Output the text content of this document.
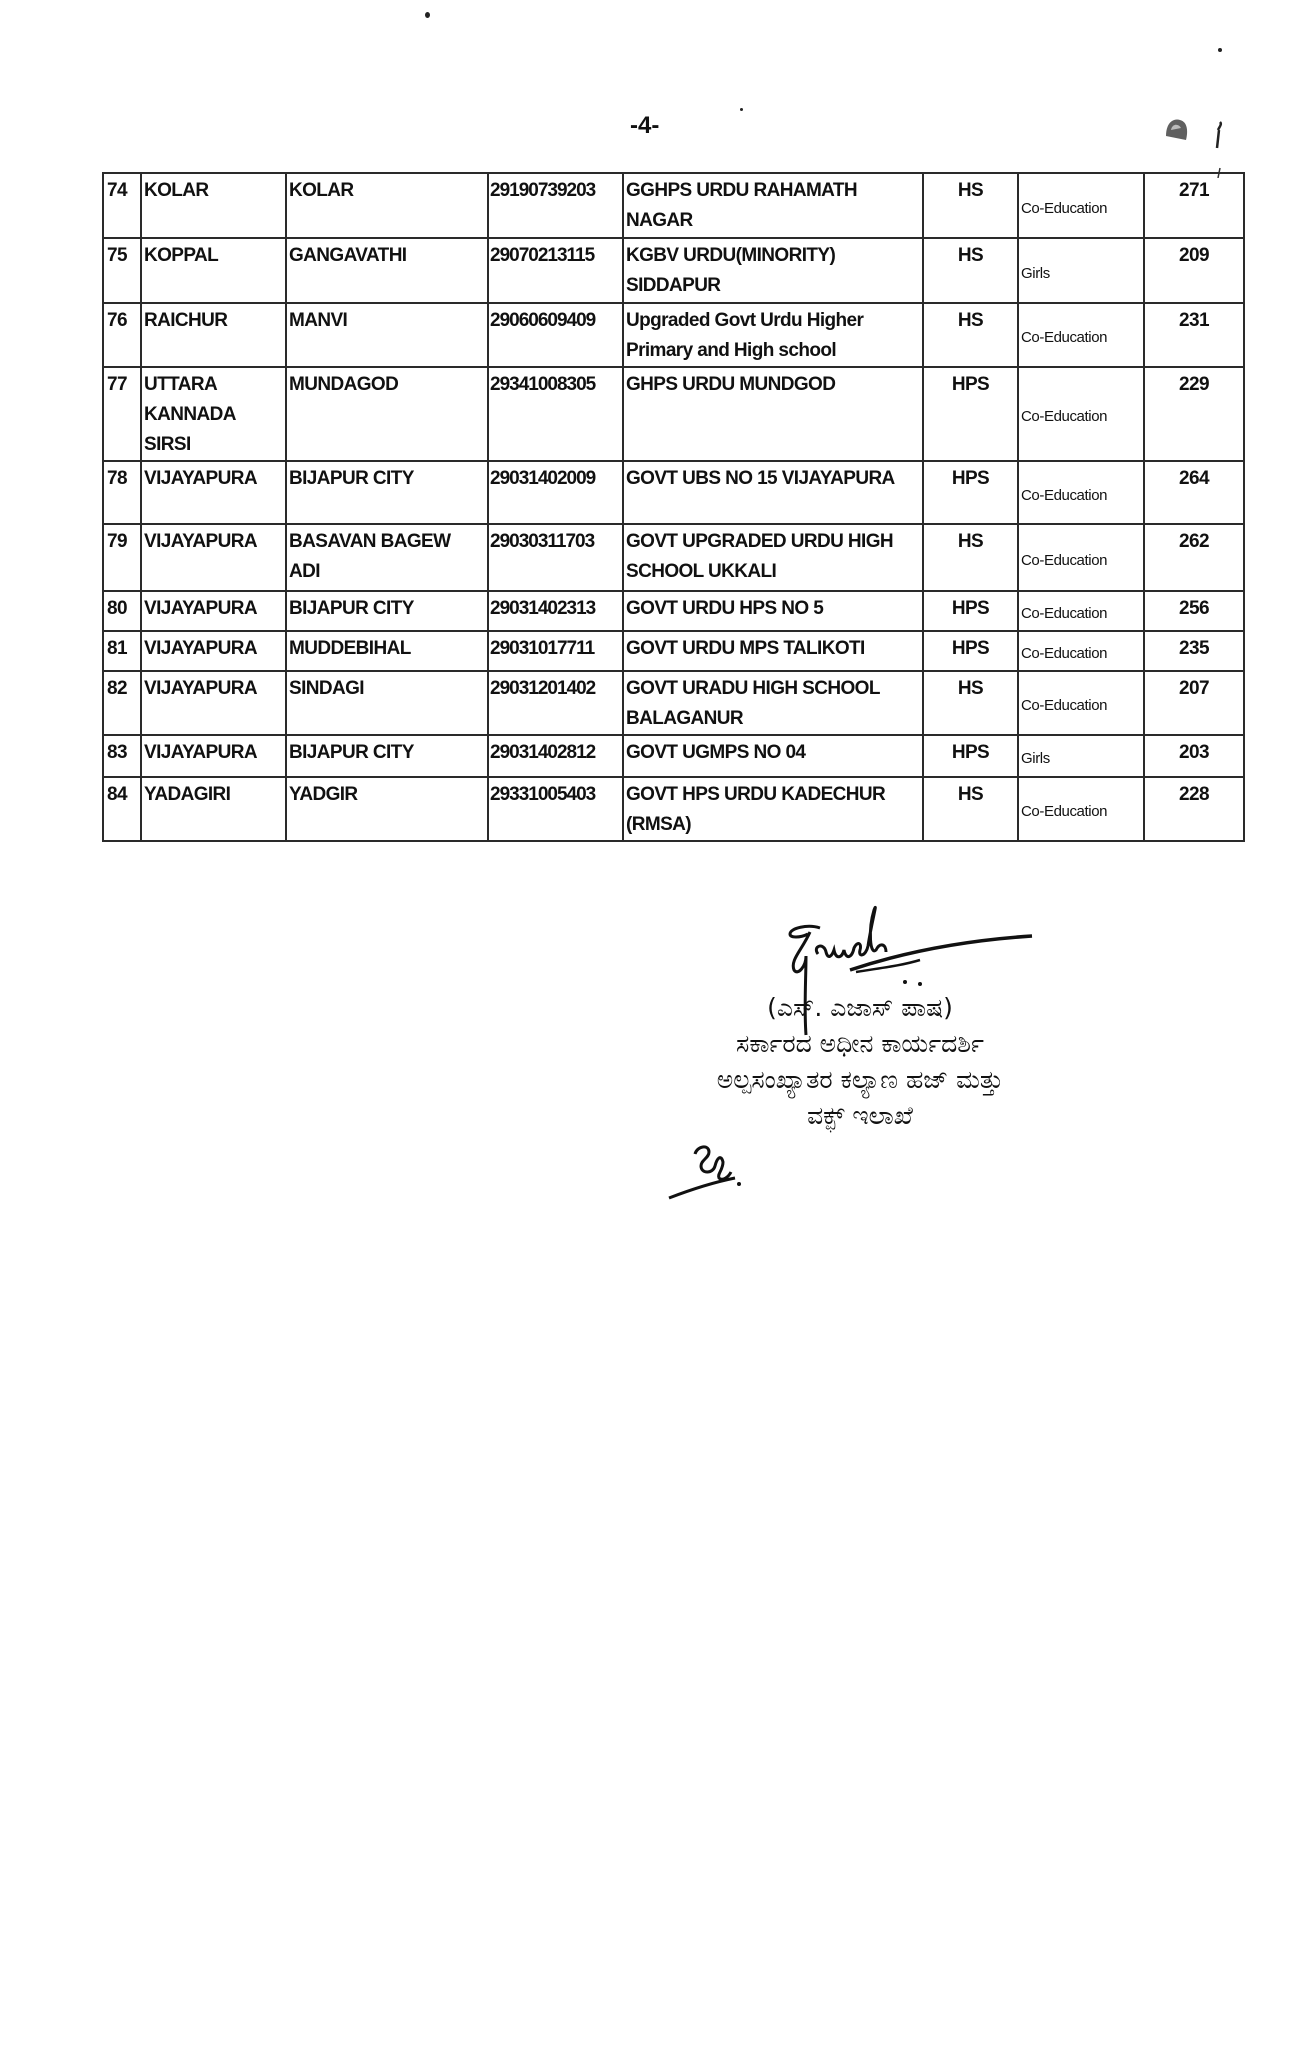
-4-
74	KOLAR	KOLAR	29190739203	GGHPS URDU RAHAMATH NAGAR	HS	Co-Education	271
75	KOPPAL	GANGAVATHI	29070213115	KGBV URDU(MINORITY) SIDDAPUR	HS	Girls	209
76	RAICHUR	MANVI	29060609409	Upgraded Govt Urdu Higher Primary and High school	HS	Co-Education	231
77	UTTARA KANNADA SIRSI	MUNDAGOD	29341008305	GHPS URDU MUNDGOD	HPS	Co-Education	229
78	VIJAYAPURA	BIJAPUR CITY	29031402009	GOVT UBS NO 15 VIJAYAPURA	HPS	Co-Education	264
79	VIJAYAPURA	BASAVAN BAGEW ADI	29030311703	GOVT UPGRADED URDU HIGH SCHOOL UKKALI	HS	Co-Education	262
80	VIJAYAPURA	BIJAPUR CITY	29031402313	GOVT URDU HPS NO 5	HPS	Co-Education	256
81	VIJAYAPURA	MUDDEBIHAL	29031017711	GOVT URDU MPS TALIKOTI	HPS	Co-Education	235
82	VIJAYAPURA	SINDAGI	29031201402	GOVT URADU HIGH SCHOOL BALAGANUR	HS	Co-Education	207
83	VIJAYAPURA	BIJAPUR CITY	29031402812	GOVT UGMPS NO 04	HPS	Girls	203
84	YADAGIRI	YADGIR	29331005403	GOVT HPS URDU KADECHUR (RMSA)	HS	Co-Education	228
(ಎಸ್. ಎಜಾಸ್ ಪಾಷ)
ಸರ್ಕಾರದ ಅಧೀನ ಕಾರ್ಯದರ್ಶಿ
ಅಲ್ಪಸಂಖ್ಯಾತರ ಕಲ್ಯಾಣ ಹಜ್ ಮತ್ತು
ವಕ್ಫ್ ಇಲಾಖೆ
